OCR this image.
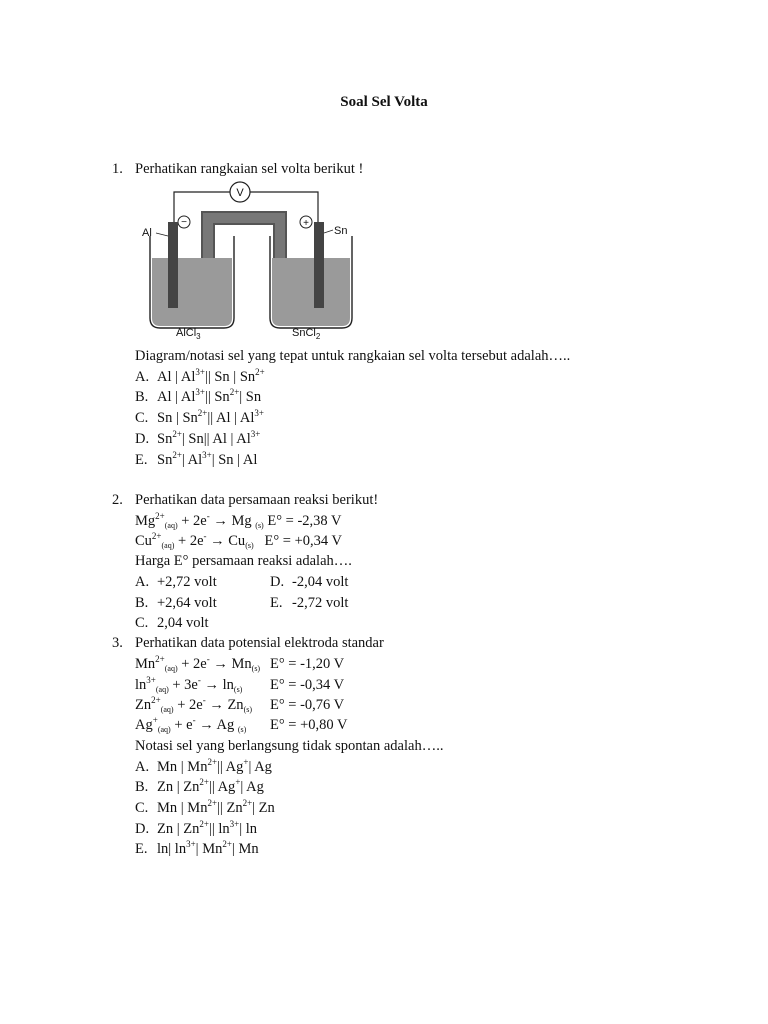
Soal Sel Volta
1. Perhatikan rangkaian sel volta berikut !
V
−	+
Al	Sn
AlCl$_3$	SnCl$_2$
Diagram/notasi sel yang tepat untuk rangkaian sel volta tersebut adalah…..
A. Al | $Al^{3+}||$ Sn | $Sn^{2+}$
B. Al | $Al^{3+}||$ $Sn^{2+}|$ Sn
C. Sn | $Sn^{2+}||$ Al | $Al^{3+}$
D. $Sn^{2+}|$ Sn|| Al | $Al^{3+}$
E. $Sn^{2+}|$ $Al^{3+}|$ Sn | Al
2. Perhatikan data persamaan reaksi berikut!
$Mg^{2+}_{(aq)} + 2e^- \to Mg$ $_{(s)}$ E° = -2,38 V
$Cu^{2+}_{(aq)} + 2e^- \to Cu_{(s)}$ E° = +0,34 V
Harga E° persamaan reaksi adalah….
A. +2,72 volt
B. +2,64 volt
C. 2,04 volt
D. -2,04 volt
E. -2,72 volt
3. Perhatikan data potensial elektroda standar
$Mn^{2+}_{(aq)} + 2e^- \to Mn_{(s)}$ E° = -1,20 V
$\ln^{3+}_{(aq)} + 3e^- \to \ln_{(s)} E^\circ = -0,34$ V
$Zn^{2+}_{(aq)} + 2e^- \to Zn_{(s)}$ E° = -0,76 V
$Ag^+_{(aq)} + e^- \to Ag$ $_{(s)}$ E° = +0,80 V
Notasi sel yang berlangsung tidak spontan adalah…..
A. Mn | $Mn^{2+}||$ Ag+| Ag
B. Zn | $Zn^{2+}||$ Ag+| Ag
C. Mn | $Mn^{2+}||$ $Zn^{2+}|$ Zn
D. Zn | $Zn^{2+}||$ $\ln^{3+}|$ ln
E. ln| $\ln^{3+}|$ $Mn^{2+}|$ Mn
